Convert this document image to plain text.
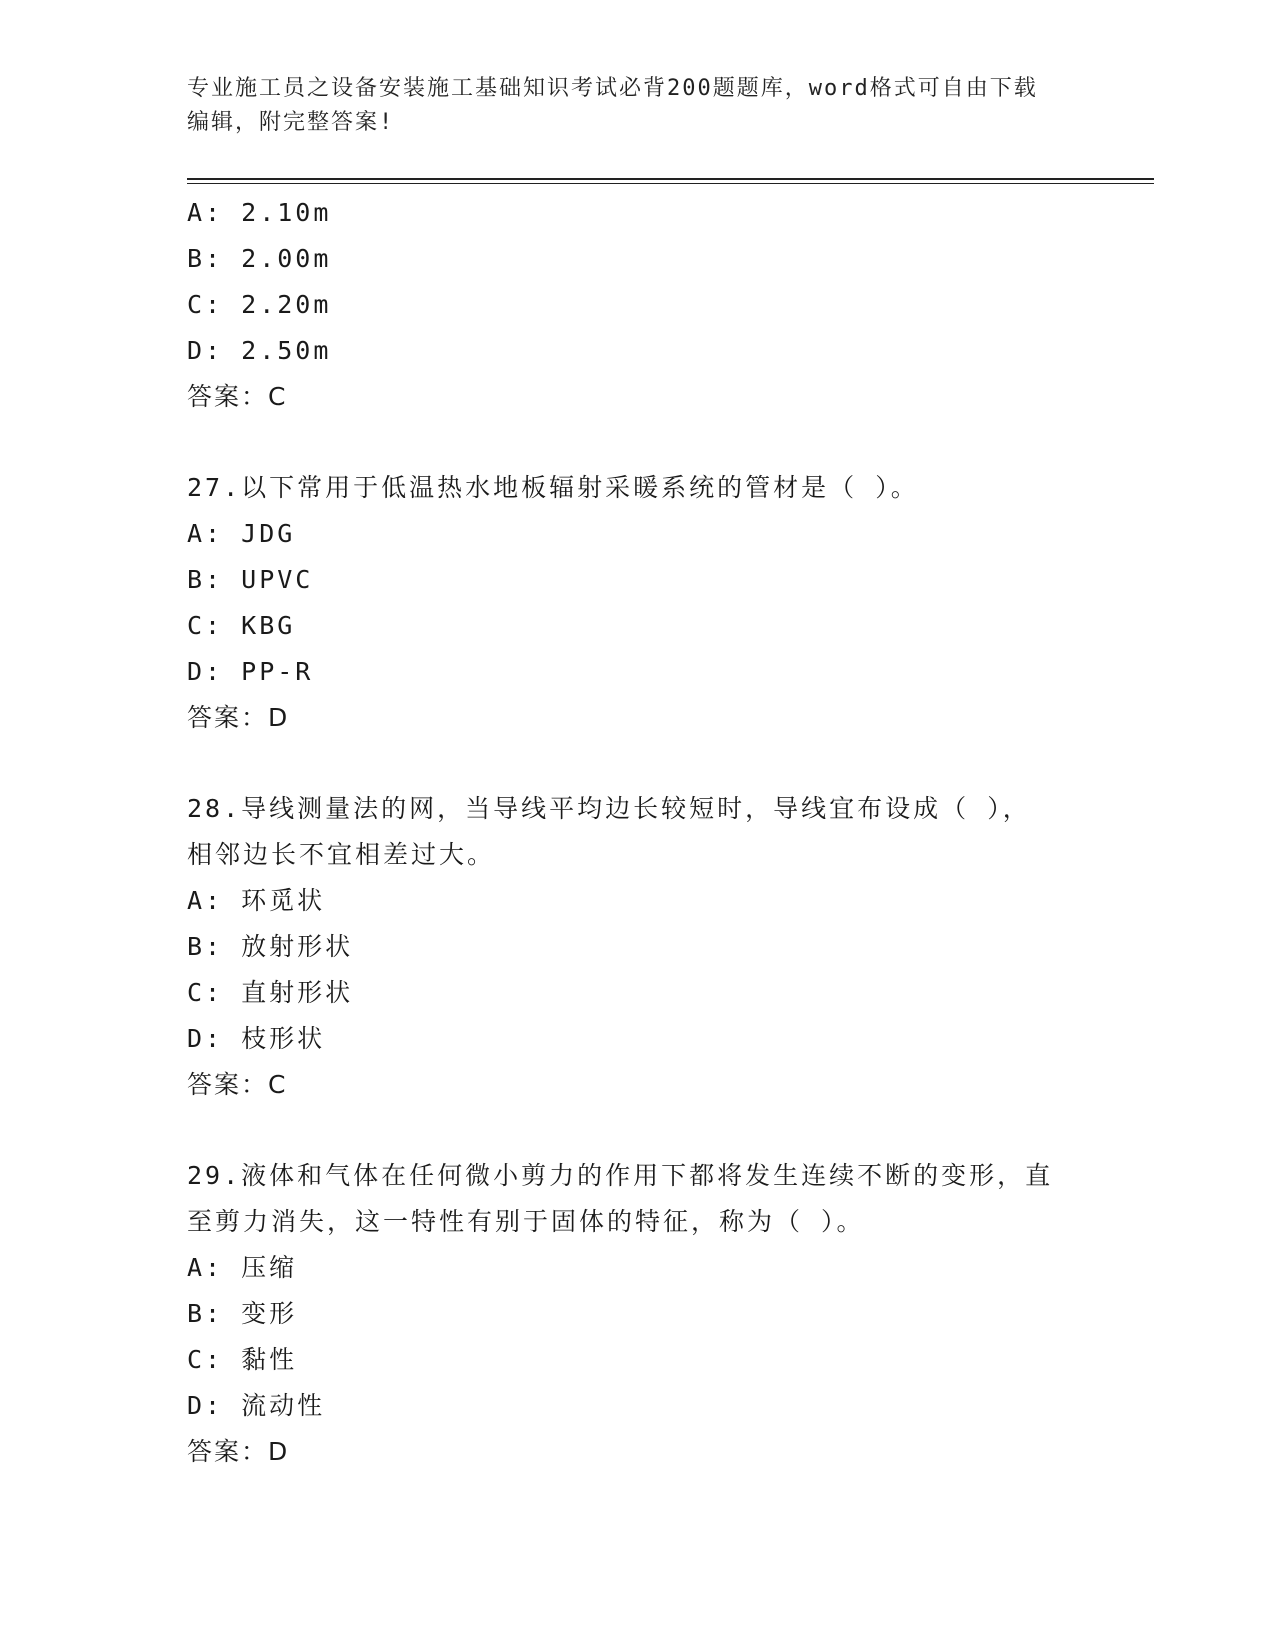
专业施工员之设备安装施工基础知识考试必背200题题库，word格式可自由下载
编辑，附完整答案!
A: 2.10m
B: 2.00m
C: 2.20m
D: 2.50m
答案：C
27.以下常用于低温热水地板辐射采暖系统的管材是（ ）。
A: JDG
B: UPVC
C: KBG
D: PP-R
答案：D
28.导线测量法的网，当导线平均边长较短时，导线宜布设成（ ），
相邻边长不宜相差过大。
A: 环觅状
B: 放射形状
C: 直射形状
D: 枝形状
答案：C
29.液体和气体在任何微小剪力的作用下都将发生连续不断的变形，直
至剪力消失，这一特性有别于固体的特征，称为（ ）。
A: 压缩
B: 变形
C: 黏性
D: 流动性
答案：D
